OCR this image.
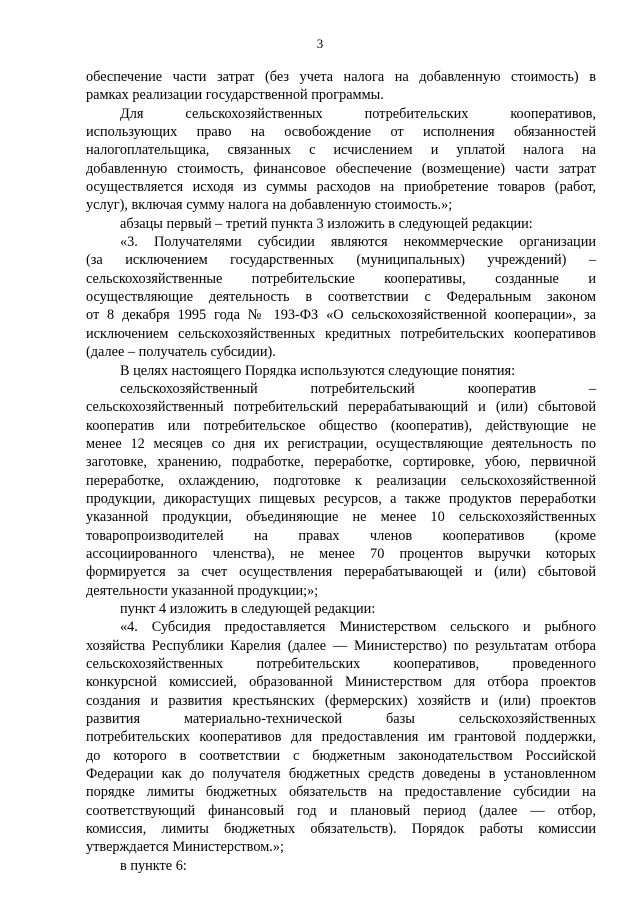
3
обеспечение части затрат (без учета налога на добавленную стоимость) в
рамках реализации государственной программы.
Для сельскохозяйственных потребительских кооперативов,
использующих право на освобождение от исполнения обязанностей
налогоплательщика, связанных с исчислением и уплатой налога на
добавленную стоимость, финансовое обеспечение (возмещение) части затрат
осуществляется исходя из суммы расходов на приобретение товаров (работ,
услуг), включая сумму налога на добавленную стоимость.»;
абзацы первый – третий пункта 3 изложить в следующей редакции:
«3. Получателями субсидии являются некоммерческие организации
(за исключением государственных (муниципальных) учреждений) –
сельскохозяйственные потребительские кооперативы, созданные и
осуществляющие деятельность в соответствии с Федеральным законом
от 8 декабря 1995 года № 193-ФЗ «О сельскохозяйственной кооперации», за
исключением сельскохозяйственных кредитных потребительских кооперативов
(далее – получатель субсидии).
В целях настоящего Порядка используются следующие понятия:
сельскохозяйственный потребительский кооператив –
сельскохозяйственный потребительский перерабатывающий и (или) сбытовой
кооператив или потребительское общество (кооператив), действующие не
менее 12 месяцев со дня их регистрации, осуществляющие деятельность по
заготовке, хранению, подработке, переработке, сортировке, убою, первичной
переработке, охлаждению, подготовке к реализации сельскохозяйственной
продукции, дикорастущих пищевых ресурсов, а также продуктов переработки
указанной продукции, объединяющие не менее 10 сельскохозяйственных
товаропроизводителей на правах членов кооперативов (кроме
ассоциированного членства), не менее 70 процентов выручки которых
формируется за счет осуществления перерабатывающей и (или) сбытовой
деятельности указанной продукции;»;
пункт 4 изложить в следующей редакции:
«4. Субсидия предоставляется Министерством сельского и рыбного
хозяйства Республики Карелия (далее — Министерство) по результатам отбора
сельскохозяйственных потребительских кооперативов, проведенного
конкурсной комиссией, образованной Министерством для отбора проектов
создания и развития крестьянских (фермерских) хозяйств и (или) проектов
развития материально-технической базы сельскохозяйственных
потребительских кооперативов для предоставления им грантовой поддержки,
до которого в соответствии с бюджетным законодательством Российской
Федерации как до получателя бюджетных средств доведены в установленном
порядке лимиты бюджетных обязательств на предоставление субсидии на
соответствующий финансовый год и плановый период (далее — отбор,
комиссия, лимиты бюджетных обязательств). Порядок работы комиссии
утверждается Министерством.»;
в пункте 6:
